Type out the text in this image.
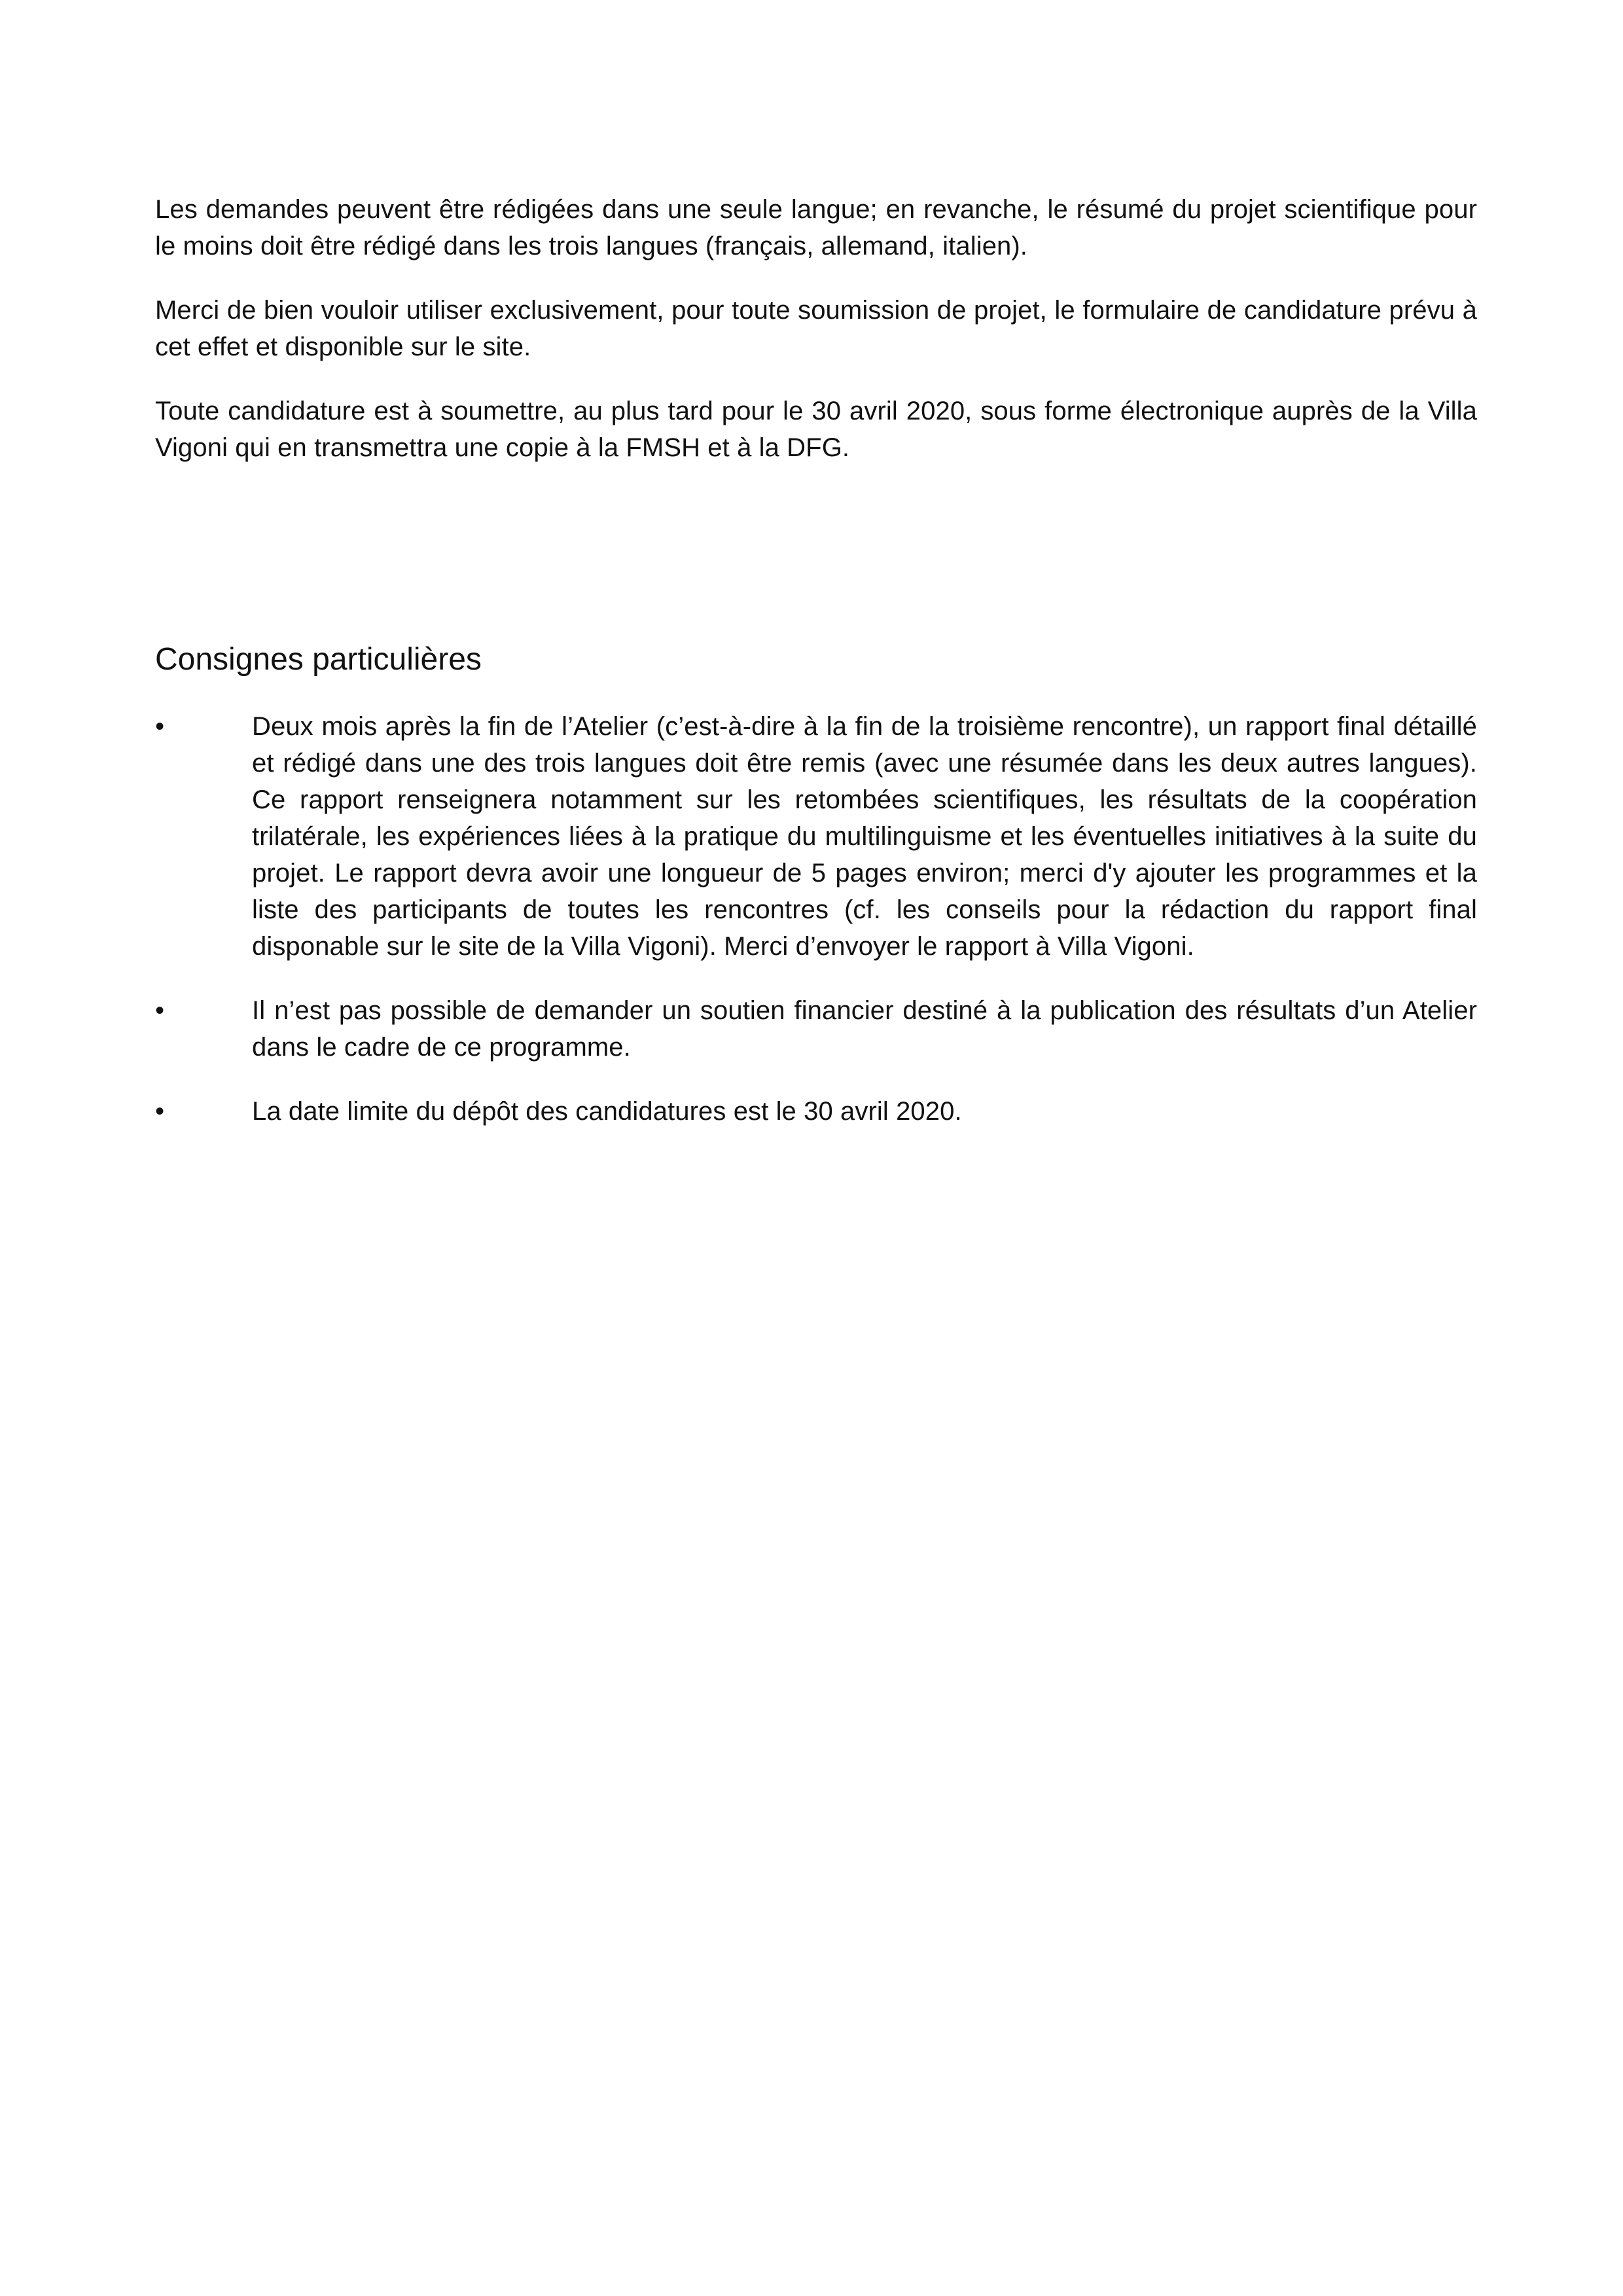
Les demandes peuvent être rédigées dans une seule langue; en revanche, le résumé du projet scientifique pour le moins doit être rédigé dans les trois langues (français, allemand, italien).

Merci de bien vouloir utiliser exclusivement, pour toute soumission de projet, le formulaire de candidature prévu à cet effet et disponible sur le site.

Toute candidature est à soumettre, au plus tard pour le 30 avril 2020, sous forme électronique auprès de la Villa Vigoni qui en transmettra une copie à la FMSH et à la DFG.

Consignes particulières
•	Deux mois après la fin de l’Atelier (c’est-à-dire à la fin de la troisième rencontre), un rapport final détaillé et rédigé dans une des trois langues doit être remis (avec une résumée dans les deux autres langues). Ce rapport renseignera notamment sur les retombées scientifiques, les résultats de la coopération trilatérale, les expériences liées à la pratique du multilinguisme et les éventuelles initiatives à la suite du projet. Le rapport devra avoir une longueur de 5 pages environ; merci d'y ajouter les programmes et la liste des participants de toutes les rencontres (cf. les conseils pour la rédaction du rapport final disponable sur le site de la Villa Vigoni). Merci d’envoyer le rapport à Villa Vigoni.
•	Il n’est pas possible de demander un soutien financier destiné à la publication des résultats d’un Atelier dans le cadre de ce programme.
•	La date limite du dépôt des candidatures est le 30 avril 2020.
